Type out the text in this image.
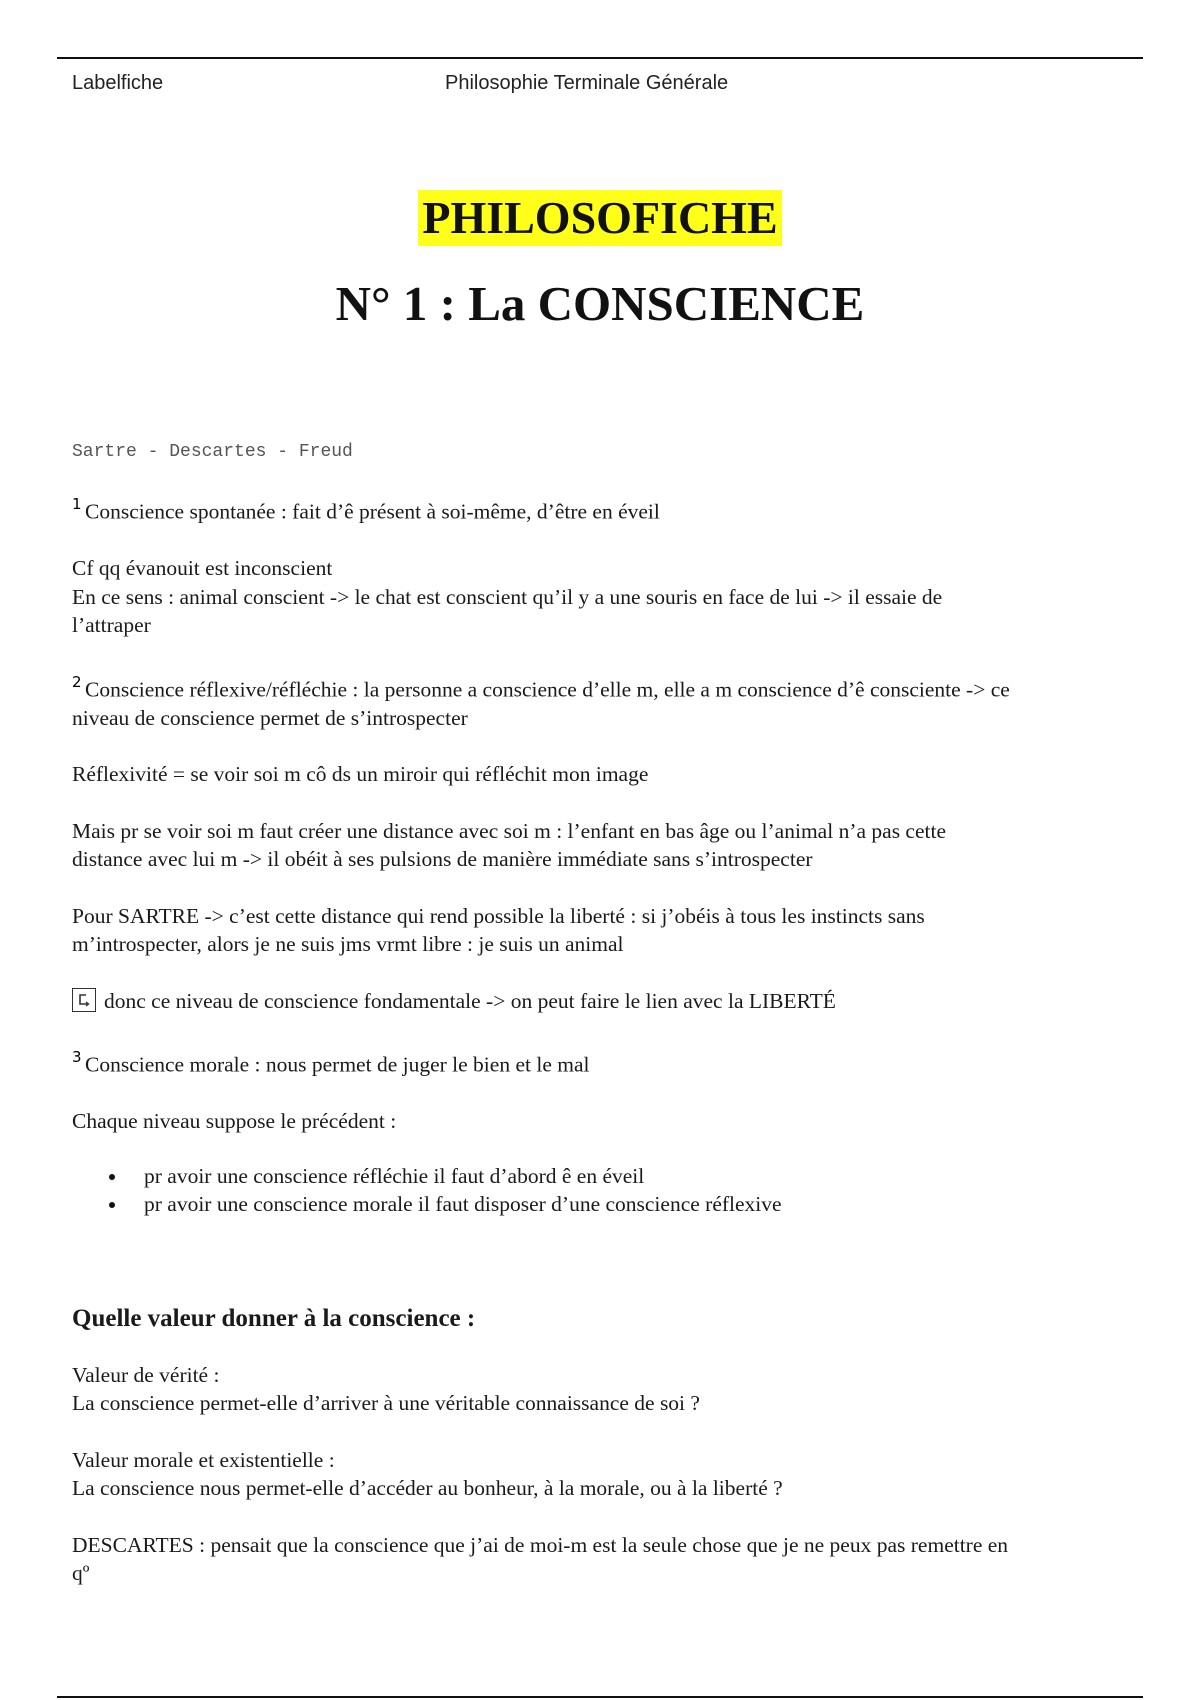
Labelfiche	Philosophie Terminale Générale
PHILOSOFICHE
N° 1 : La CONSCIENCE
Sartre - Descartes - Freud
1 Conscience spontanée : fait d’ê présent à soi-même, d’être en éveil
Cf qq évanouit est inconscient
En ce sens : animal conscient -> le chat est conscient qu’il y a une souris en face de lui -> il essaie de
l’attraper
2 Conscience réflexive/réfléchie : la personne a conscience d’elle m, elle a m conscience d’ê consciente -> ce
niveau de conscience permet de s’introspecter
Réflexivité = se voir soi m cô ds un miroir qui réfléchit mon image
Mais pr se voir soi m faut créer une distance avec soi m : l’enfant en bas âge ou l’animal n’a pas cette
distance avec lui m -> il obéit à ses pulsions de manière immédiate sans s’introspecter
Pour SARTRE -> c’est cette distance qui rend possible la liberté : si j’obéis à tous les instincts sans
m’introspecter, alors je ne suis jms vrmt libre : je suis un animal
donc ce niveau de conscience fondamentale -> on peut faire le lien avec la LIBERTÉ
3 Conscience morale : nous permet de juger le bien et le mal
Chaque niveau suppose le précédent :
pr avoir une conscience réfléchie il faut d’abord ê en éveil
pr avoir une conscience morale il faut disposer d’une conscience réflexive
Quelle valeur donner à la conscience :
Valeur de vérité :
La conscience permet-elle d’arriver à une véritable connaissance de soi ?
Valeur morale et existentielle :
La conscience nous permet-elle d’accéder au bonheur, à la morale, ou à la liberté ?
DESCARTES : pensait que la conscience que j’ai de moi-m est la seule chose que je ne peux pas remettre en
qº
